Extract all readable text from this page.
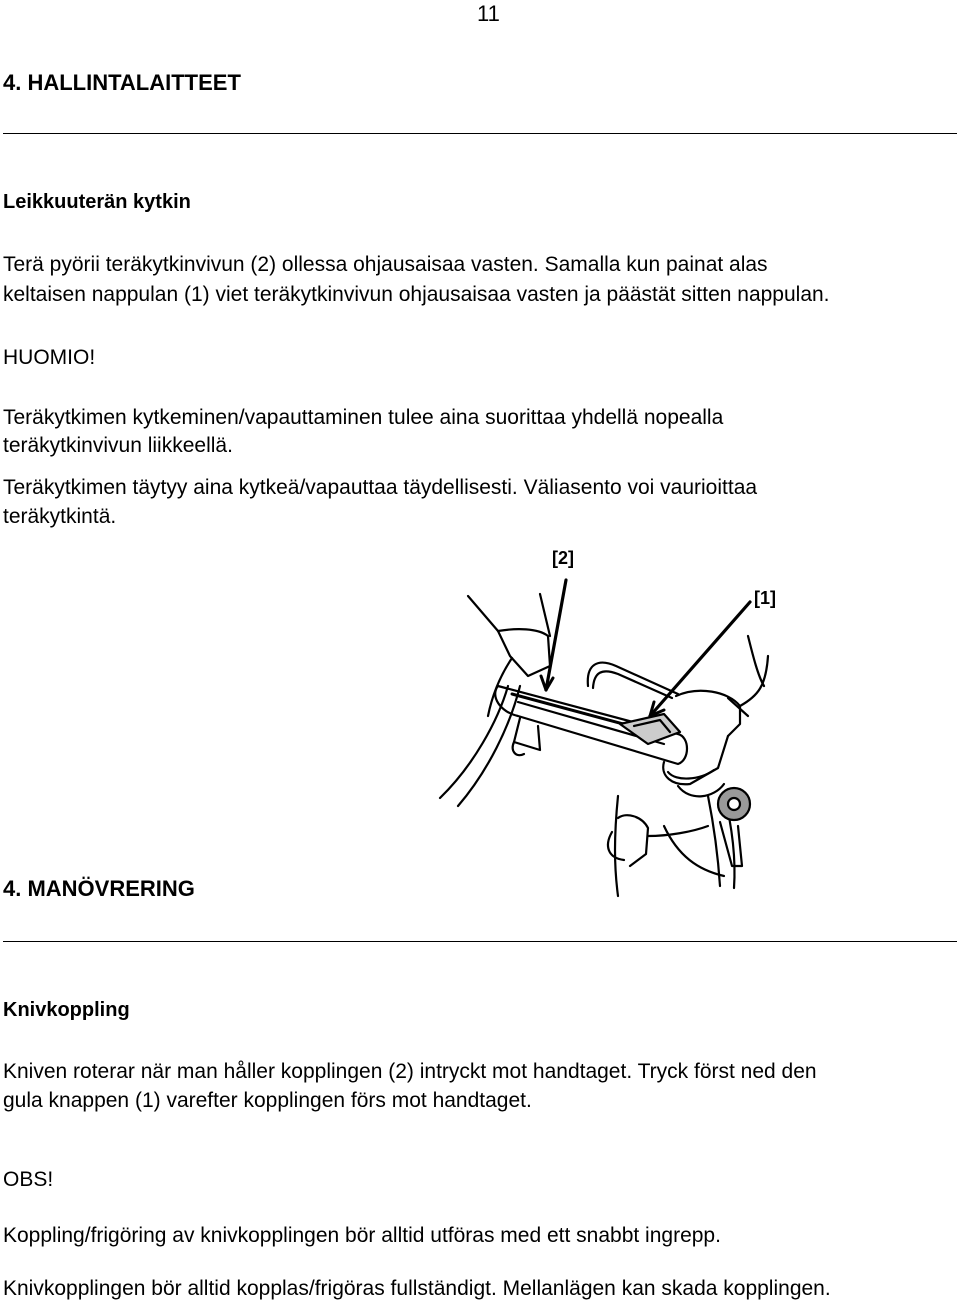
11
4. HALLINTALAITTEET
Leikkuuterän kytkin
Terä pyörii teräkytkinvivun (2) ollessa ohjausaisaa vasten. Samalla kun painat alas
keltaisen nappulan (1) viet teräkytkinvivun ohjausaisaa vasten ja päästät sitten nappulan.
HUOMIO!
Teräkytkimen kytkeminen/vapauttaminen tulee aina suorittaa yhdellä nopealla
teräkytkinvivun liikkeellä.
Teräkytkimen täytyy aina kytkeä/vapauttaa täydellisesti. Väliasento voi vaurioittaa
teräkytkintä.
[2]
[1]
4. MANÖVRERING
Knivkoppling
Kniven roterar när man håller kopplingen (2) intryckt mot handtaget. Tryck först ned den
gula knappen (1) varefter kopplingen förs mot handtaget.
OBS!
Koppling/frigöring av knivkopplingen bör alltid utföras med ett snabbt ingrepp.
Knivkopplingen bör alltid kopplas/frigöras fullständigt. Mellanlägen kan skada kopplingen.
